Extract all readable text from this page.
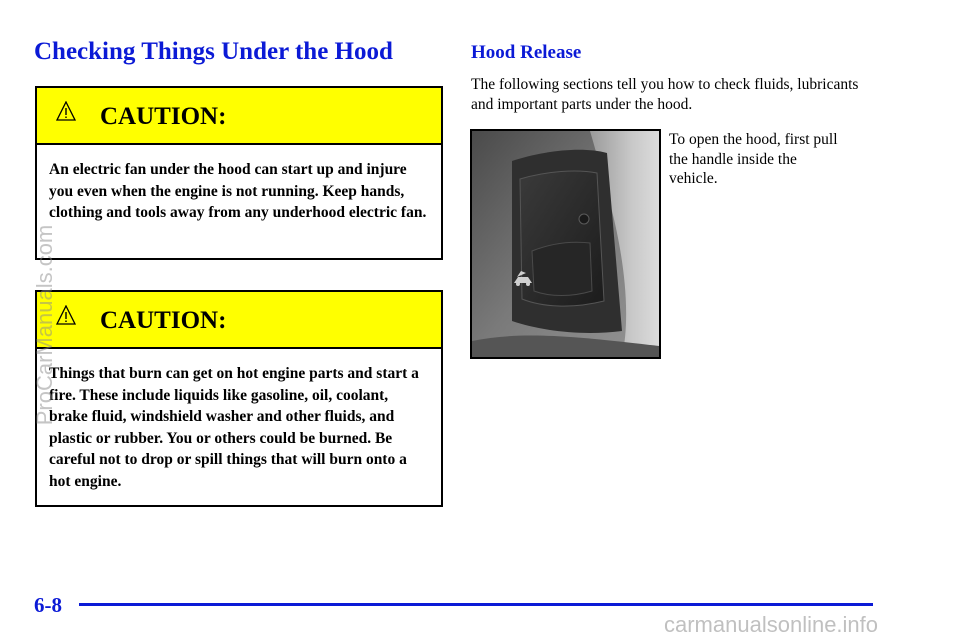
Checking Things Under the Hood
CAUTION:

An electric fan under the hood can start up and injure you even when the engine is not running. Keep hands, clothing and tools away from any underhood electric fan.

CAUTION:

Things that burn can get on hot engine parts and start a fire. These include liquids like gasoline, oil, coolant, brake fluid, windshield washer and other fluids, and plastic or rubber. You or others could be burned. Be careful not to drop or spill things that will burn onto a hot engine.

Hood Release

The following sections tell you how to check fluids, lubricants and important parts under the hood.

To open the hood, first pull the handle inside the vehicle.

6-8
ProCarManuals.com
carmanualsonline.info
